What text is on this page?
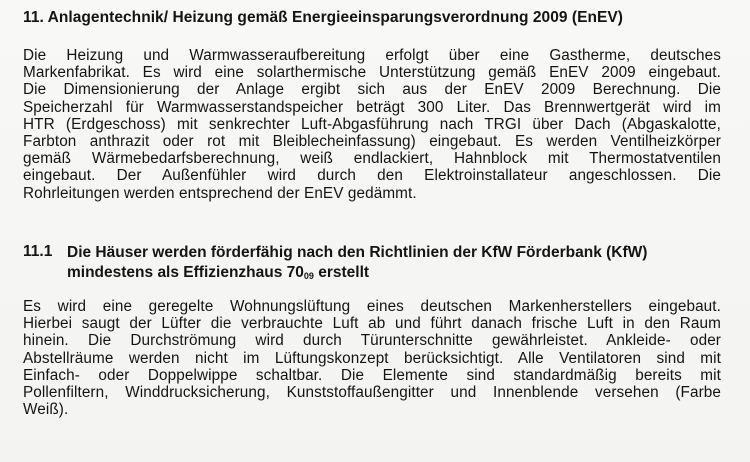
11. Anlagentechnik/ Heizung gemäß Energieeinsparungsverordnung 2009 (EnEV)
Die Heizung und Warmwasseraufbereitung erfolgt über eine Gastherme, deutsches
Markenfabrikat. Es wird eine solarthermische Unterstützung gemäß EnEV 2009 eingebaut.
Die Dimensionierung der Anlage ergibt sich aus der EnEV 2009 Berechnung. Die
Speicherzahl für Warmwasserstandspeicher beträgt 300 Liter. Das Brennwertgerät wird im
HTR (Erdgeschoss) mit senkrechter Luft-Abgasführung nach TRGI über Dach (Abgaskalotte,
Farbton anthrazit oder rot mit Bleiblecheinfassung) eingebaut. Es werden Ventilheizkörper
gemäß Wärmebedarfsberechnung, weiß endlackiert, Hahnblock mit Thermostatventilen
eingebaut. Der Außenfühler wird durch den Elektroinstallateur angeschlossen. Die
Rohrleitungen werden entsprechend der EnEV gedämmt.
11.1 Die Häuser werden förderfähig nach den Richtlinien der KfW Förderbank (KfW)
mindestens als Effizienzhaus $70_{09}$ erstellt
Es wird eine geregelte Wohnungslüftung eines deutschen Markenherstellers eingebaut.
Hierbei saugt der Lüfter die verbrauchte Luft ab und führt danach frische Luft in den Raum
hinein. Die Durchströmung wird durch Türunterschnitte gewährleistet. Ankleide- oder
Abstellräume werden nicht im Lüftungskonzept berücksichtigt. Alle Ventilatoren sind mit
Einfach- oder Doppelwippe schaltbar. Die Elemente sind standardmäßig bereits mit
Pollenfiltern, Winddrucksicherung, Kunststoffaußengitter und Innenblende versehen (Farbe
Weiß).
